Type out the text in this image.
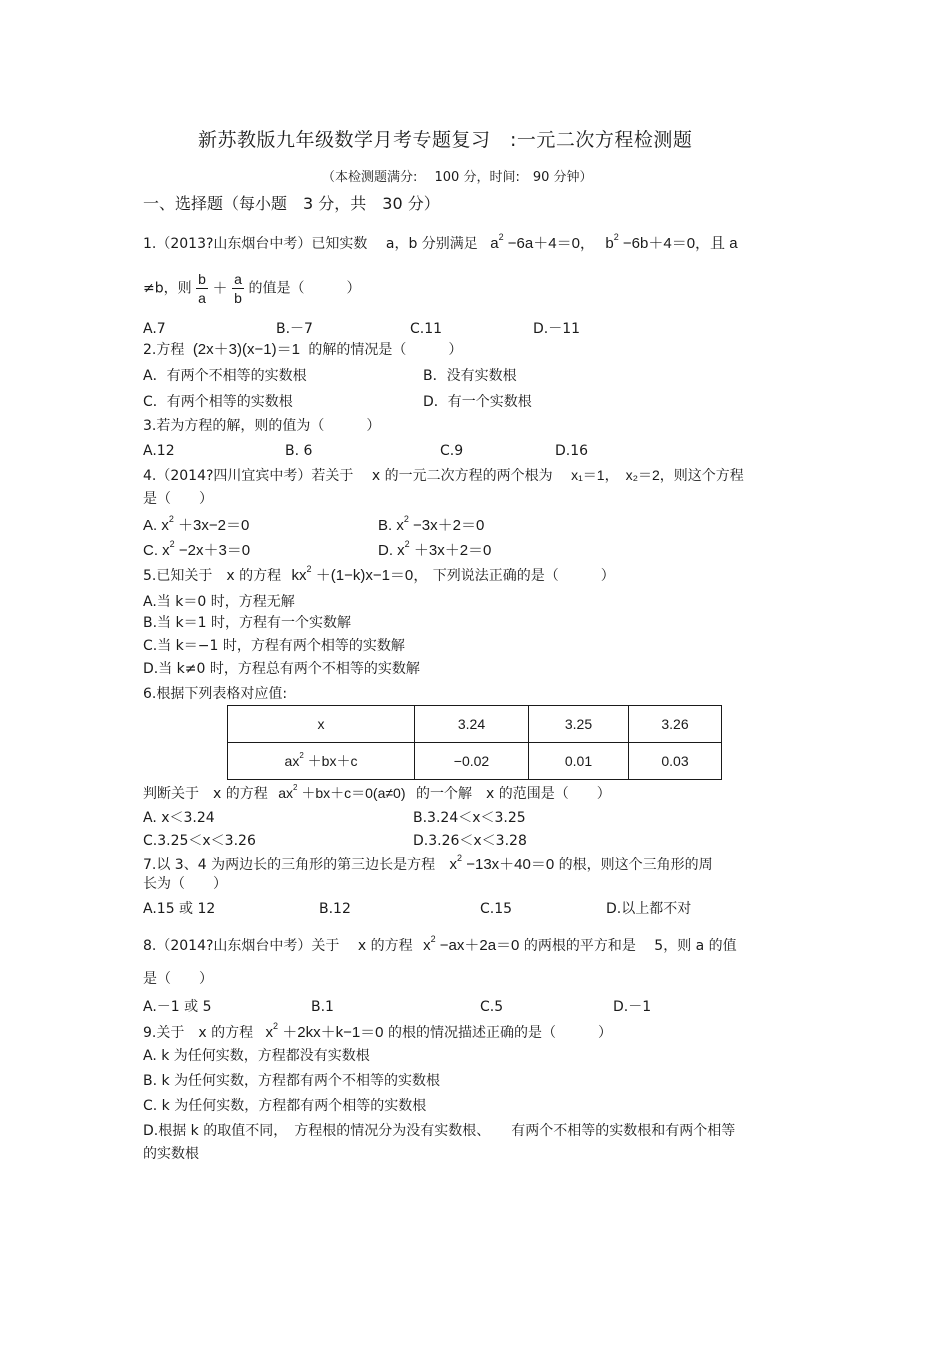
新苏教版九年级数学月考专题复习　:一元二次方程检测题
（本检测题满分:　 100 分，时间:　90 分钟）
一、选择题（每小题　3 分，共　30 分）
1.（2013?山东烟台中考）已知实数　 a，b 分别满足 $a^2 -6a+4=0$， $b^2 -6b+4=0$，且 a
≠b，则 $\frac{b}{a} + \frac{a}{b}$ 的值是（　　　）
A.7	B.－7	C.11	D.－11
2.方程 (2x＋3)(x−1)＝1 的解的情况是（　　　）
A．有两个不相等的实数根	B．没有实数根
C．有两个相等的实数根	D．有一个实数根
3.若为方程的解，则的值为（　　　）
A.12	B. 6	C.9	D.16
4.（2014?四川宜宾中考）若关于　 x 的一元二次方程的两个根为 x₁＝1，　x₂＝2，则这个方程
是（　　）
A. $x^2 +3x-2=0$	B. $x^2 -3x+2=0$
C. $x^2 -2x+3=0$	D. $x^2 +3x+2=0$
5.已知关于　x 的方程 $kx^2 +(1-k)x-1=0$， 下列说法正确的是（　　　）
A.当 k＝0 时，方程无解
B.当 k＝1 时，方程有一个实数解
C.当 k＝−1 时，方程有两个相等的实数解
D.当 k≠0 时，方程总有两个不相等的实数解
6.根据下列表格对应值:
x	3.24	3.25	3.26
$ax^2 +bx+c$	−0.02	0.01	0.03
判断关于　x 的方程 $ax^2 +bx+c=0(a\ne 0)$ 的一个解　x 的范围是（　　）
A. x＜3.24	B.3.24＜x＜3.25
C.3.25＜x＜3.26	D.3.26＜x＜3.28
7.以 3、4 为两边长的三角形的第三边长是方程 $x^2 -13x+40=0$ 的根，则这个三角形的周
长为（　　）
A.15 或 12	B.12	C.15	D.以上都不对
8.（2014?山东烟台中考）关于　 x 的方程 $x^2 -ax+2a=0$ 的两根的平方和是　 5，则 a 的值
是（　　）
A.－1 或 5	B.1	C.5	D.－1
9.关于　x 的方程 $x^2 +2kx+k-1=0$ 的根的情况描述正确的是（　　　）
A. k 为任何实数，方程都没有实数根
B. k 为任何实数，方程都有两个不相等的实数根
C. k 为任何实数，方程都有两个相等的实数根
D.根据 k 的取值不同，　方程根的情况分为没有实数根、　　有两个不相等的实数根和有两个相等
的实数根
